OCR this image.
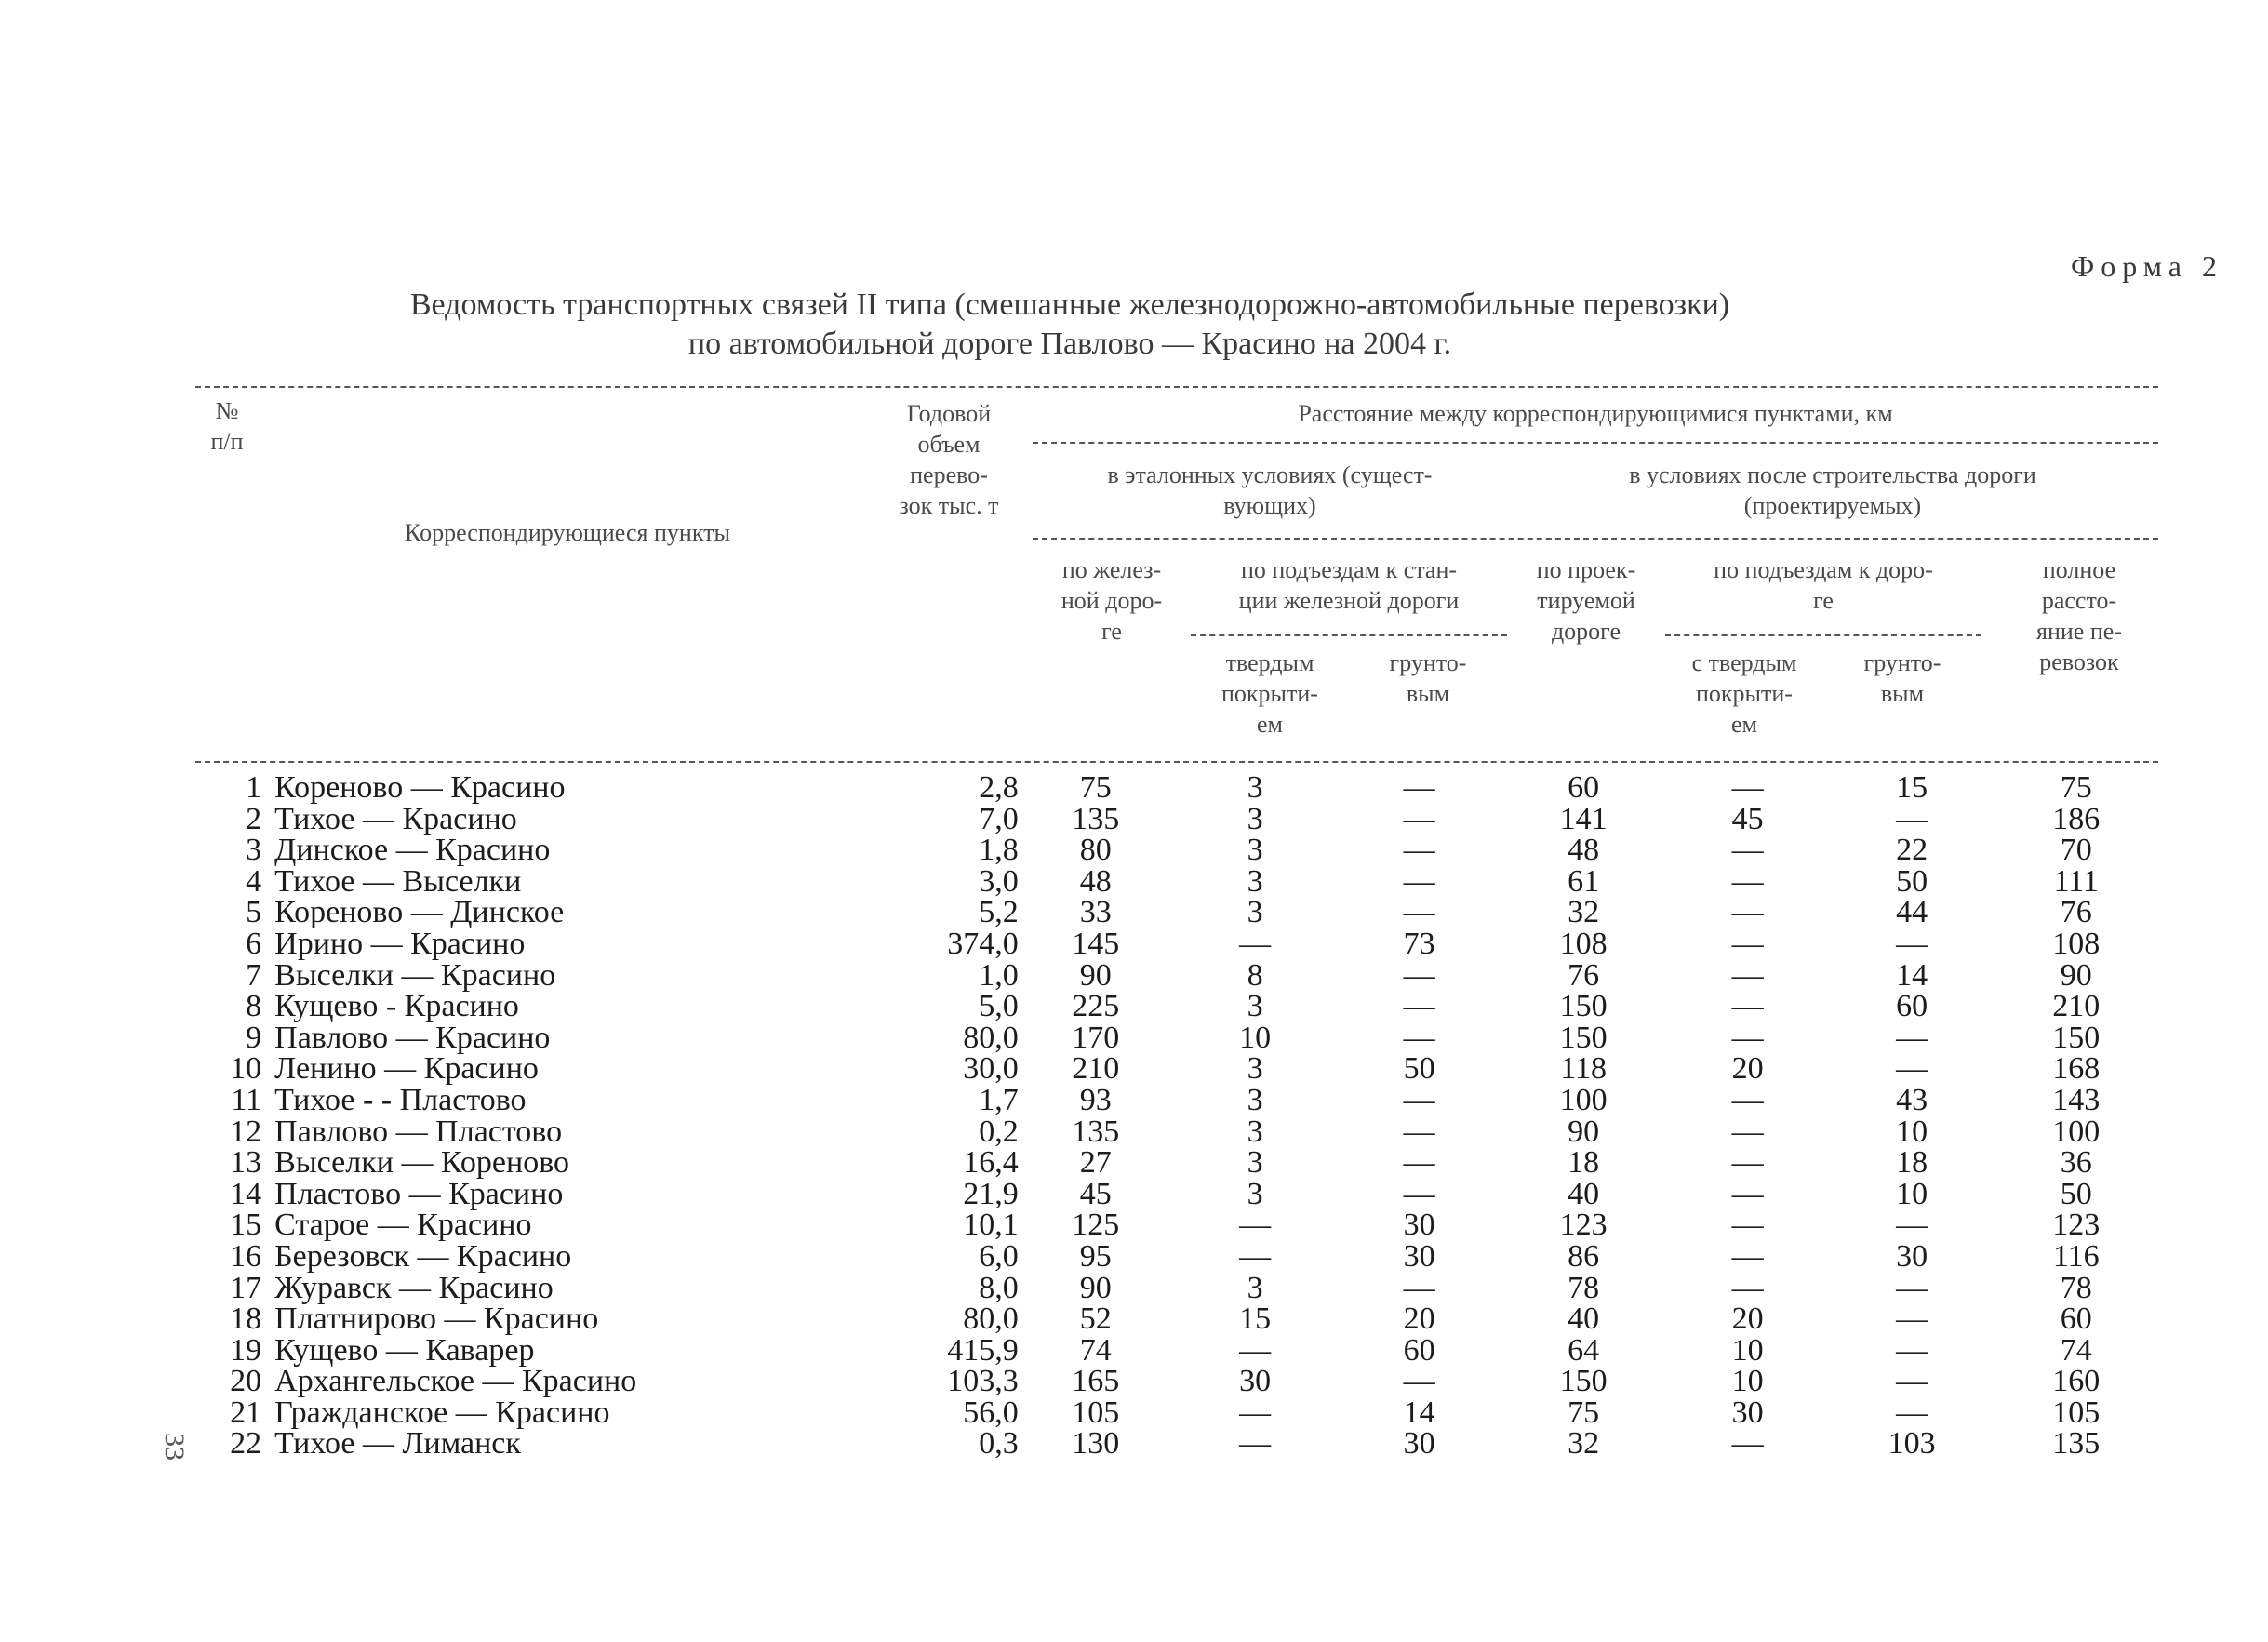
Форма 2
Ведомость транспортных связей II типа (смешанные железнодорожно-автомобильные перевозки)
по автомобильной дороге Павлово — Красино на 2004 г.
№
п/п
Корреспондирующиеся пункты
Годовой
объем
перево-
зок тыс. т
Расстояние между корреспондирующимися пунктами, км
в эталонных условиях (сущест-
вующих)
в условиях после строительства дороги
(проектируемых)
по желез-
ной доро-
ге
по подъездам к стан-
ции железной дороги
твердым
покрыти-
ем
грунто-
вым
по проек-
тируемой
дороге
по подъездам к доро-
ге
с твердым
покрыти-
ем
грунто-
вым
полное
рассто-
яние пе-
ревозок
1	Кореново — Красино	2,8	75	3	—	60	—	15	75
2	Тихое — Красино	7,0	135	3	—	141	45	—	186
3	Динское — Красино	1,8	80	3	—	48	—	22	70
4	Тихое — Выселки	3,0	48	3	—	61	—	50	111
5	Кореново — Динское	5,2	33	3	—	32	—	44	76
6	Ирино — Красино	374,0	145	—	73	108	—	—	108
7	Выселки — Красино	1,0	90	8	—	76	—	14	90
8	Кущево - Красино	5,0	225	3	—	150	—	60	210
9	Павлово — Красино	80,0	170	10	—	150	—	—	150
10	Ленино — Красино	30,0	210	3	50	118	20	—	168
11	Тихое - - Пластово	1,7	93	3	—	100	—	43	143
12	Павлово — Пластово	0,2	135	3	—	90	—	10	100
13	Выселки — Кореново	16,4	27	3	—	18	—	18	36
14	Пластово — Красино	21,9	45	3	—	40	—	10	50
15	Старое — Красино	10,1	125	—	30	123	—	—	123
16	Березовск — Красино	6,0	95	—	30	86	—	30	116
17	Журавск — Красино	8,0	90	3	—	78	—	—	78
18	Платнирово — Красино	80,0	52	15	20	40	20	—	60
19	Кущево — Каварер	415,9	74	—	60	64	10	—	74
20	Архангельское — Красино	103,3	165	30	—	150	10	—	160
21	Гражданское — Красино	56,0	105	—	14	75	30	—	105
22	Тихое — Лиманск	0,3	130	—	30	32	—	103	135
33
